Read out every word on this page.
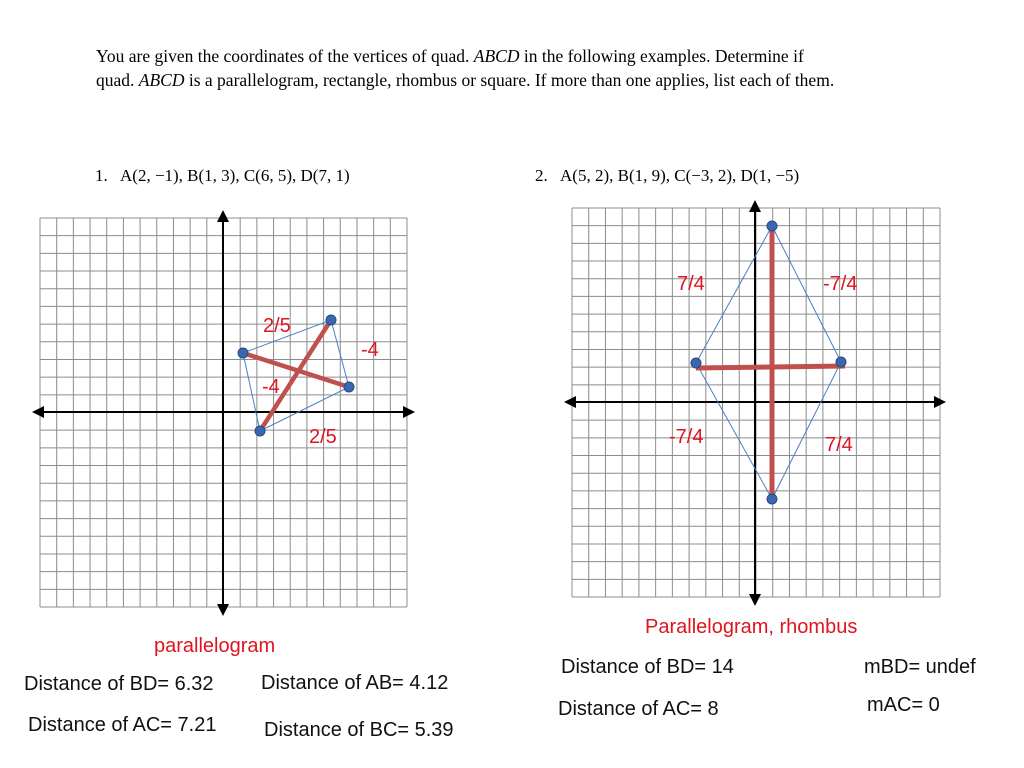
You are given the coordinates of the vertices of quad. ABCD in the following examples. Determine if
quad. ABCD is a parallelogram, rectangle, rhombus or square. If more than one applies, list each of them.
1. A(2, −1), B(1, 3), C(6, 5), D(7, 1)	2. A(5, 2), B(1, 9), C(−3, 2), D(1, −5)
2/5
-4
-4
2/5
7/4	-7/4
-7/4	7/4
parallelogram
Parallelogram, rhombus
Distance of BD= 6.32
Distance of AC= 7.21
Distance of AB= 4.12
Distance of BC= 5.39
Distance of BD= 14
Distance of AC= 8
mBD= undef
mAC= 0
